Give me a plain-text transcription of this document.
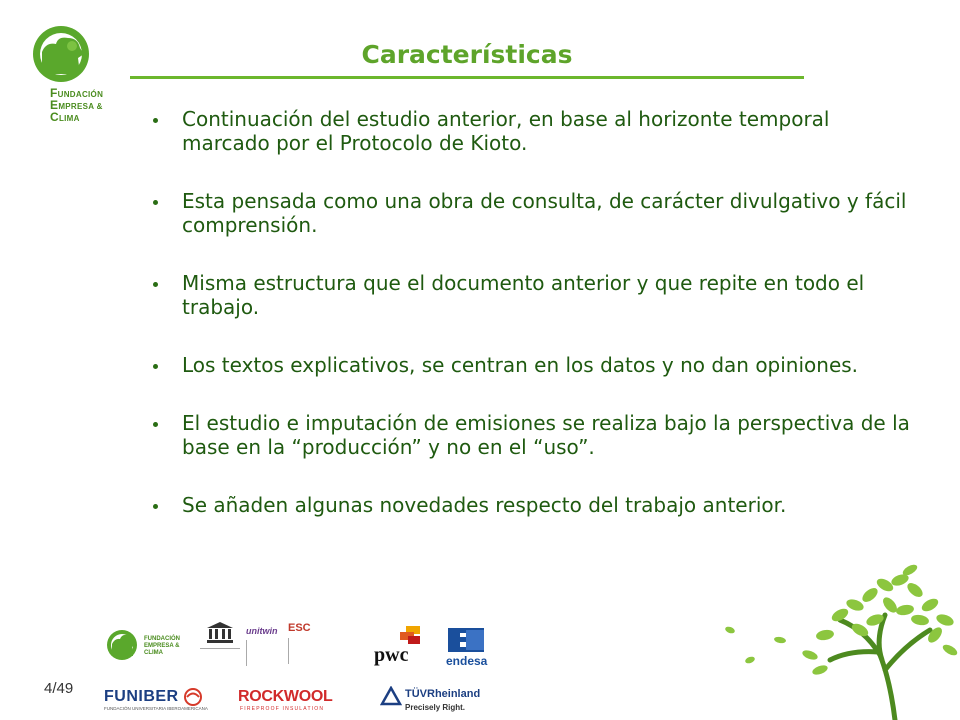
FUNDACIÓN
EMPRESA &
CLIMA
Características
Continuación del estudio anterior, en base al horizonte temporal marcado por el Protocolo de Kioto.
Esta pensada como una obra de consulta, de carácter divulgativo y fácil comprensión.
Misma estructura que el documento anterior y que repite en todo el trabajo.
Los textos explicativos, se centran en los datos y no dan opiniones.
El estudio e imputación de emisiones se realiza bajo la perspectiva de la base en la “producción” y no en el “uso”.
Se añaden algunas novedades respecto del trabajo anterior.
4/49
FUNDACIÓN EMPRESA & CLIMA
unitwin ESC
pwc	endesa
FUNIBER
FUNDACIÓN UNIVERSITARIA IBEROAMERICANA
ROCKWOOL
FIREPROOF INSULATION
TÜVRheinland
Precisely Right.
